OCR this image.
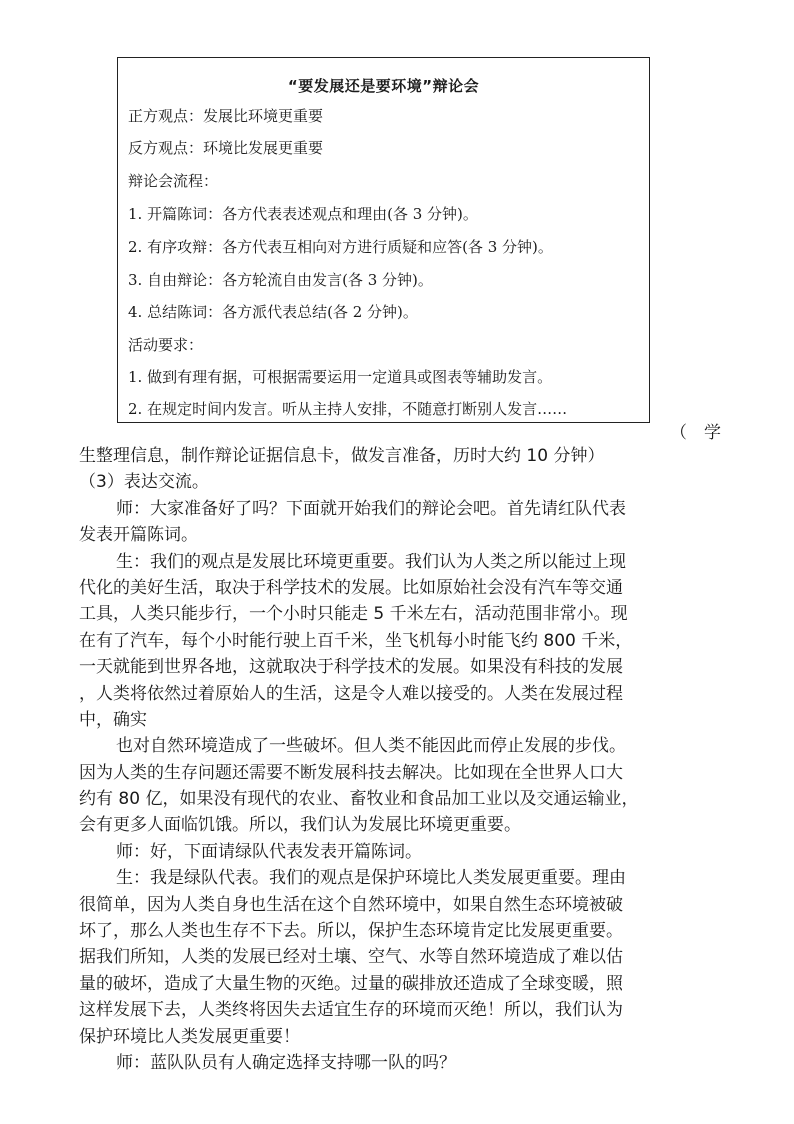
“要发展还是要环境”辩论会
正方观点：发展比环境更重要
反方观点：环境比发展更重要
辩论会流程：
1. 开篇陈词：各方代表表述观点和理由(各 3 分钟)。
2. 有序攻辩：各方代表互相向对方进行质疑和应答(各 3 分钟)。
3. 自由辩论：各方轮流自由发言(各 3 分钟)。
4. 总结陈词：各方派代表总结(各 2 分钟)。
活动要求：
1. 做到有理有据，可根据需要运用一定道具或图表等辅助发言。
2. 在规定时间内发言。听从主持人安排，不随意打断别人发言……
（　学
生整理信息，制作辩论证据信息卡，做发言准备，历时大约 10 分钟）
（3）表达交流。
师：大家准备好了吗？下面就开始我们的辩论会吧。首先请红队代表
发表开篇陈词。
生：我们的观点是发展比环境更重要。我们认为人类之所以能过上现
代化的美好生活，取决于科学技术的发展。比如原始社会没有汽车等交通
工具，人类只能步行，一个小时只能走 5 千米左右，活动范围非常小。现
在有了汽车，每个小时能行驶上百千米，坐飞机每小时能飞约 800 千米，
一天就能到世界各地，这就取决于科学技术的发展。如果没有科技的发展
，人类将依然过着原始人的生活，这是令人难以接受的。人类在发展过程
中，确实
也对自然环境造成了一些破坏。但人类不能因此而停止发展的步伐。
因为人类的生存问题还需要不断发展科技去解决。比如现在全世界人口大
约有 80 亿，如果没有现代的农业、畜牧业和食品加工业以及交通运输业，
会有更多人面临饥饿。所以，我们认为发展比环境更重要。
师：好，下面请绿队代表发表开篇陈词。
生：我是绿队代表。我们的观点是保护环境比人类发展更重要。理由
很简单，因为人类自身也生活在这个自然环境中，如果自然生态环境被破
坏了，那么人类也生存不下去。所以，保护生态环境肯定比发展更重要。
据我们所知，人类的发展已经对土壤、空气、水等自然环境造成了难以估
量的破坏，造成了大量生物的灭绝。过量的碳排放还造成了全球变暖，照
这样发展下去，人类终将因失去适宜生存的环境而灭绝！所以，我们认为
保护环境比人类发展更重要！
师：蓝队队员有人确定选择支持哪一队的吗？
